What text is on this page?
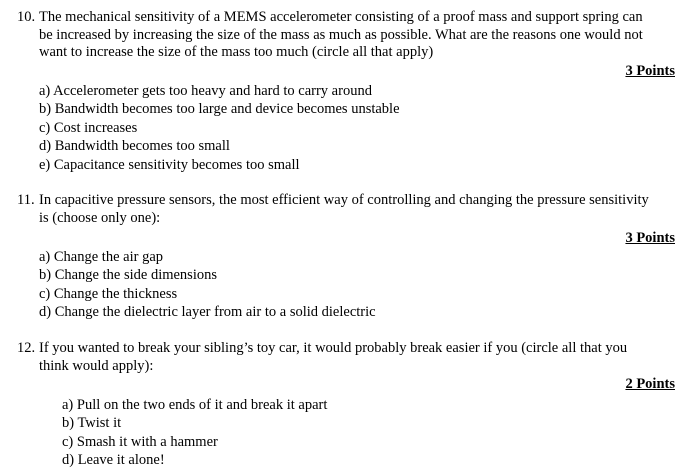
10. The mechanical sensitivity of a MEMS accelerometer consisting of a proof mass and support spring can be increased by increasing the size of the mass as much as possible. What are the reasons one would not want to increase the size of the mass too much (circle all that apply)
3 Points
a) Accelerometer gets too heavy and hard to carry around
b) Bandwidth becomes too large and device becomes unstable
c) Cost increases
d) Bandwidth becomes too small
e) Capacitance sensitivity becomes too small
11. In capacitive pressure sensors, the most efficient way of controlling and changing the pressure sensitivity is (choose only one):
3 Points
a) Change the air gap
b) Change the side dimensions
c) Change the thickness
d) Change the dielectric layer from air to a solid dielectric
12. If you wanted to break your sibling’s toy car, it would probably break easier if you (circle all that you think would apply):
2 Points
a) Pull on the two ends of it and break it apart
b) Twist it
c) Smash it with a hammer
d) Leave it alone!
